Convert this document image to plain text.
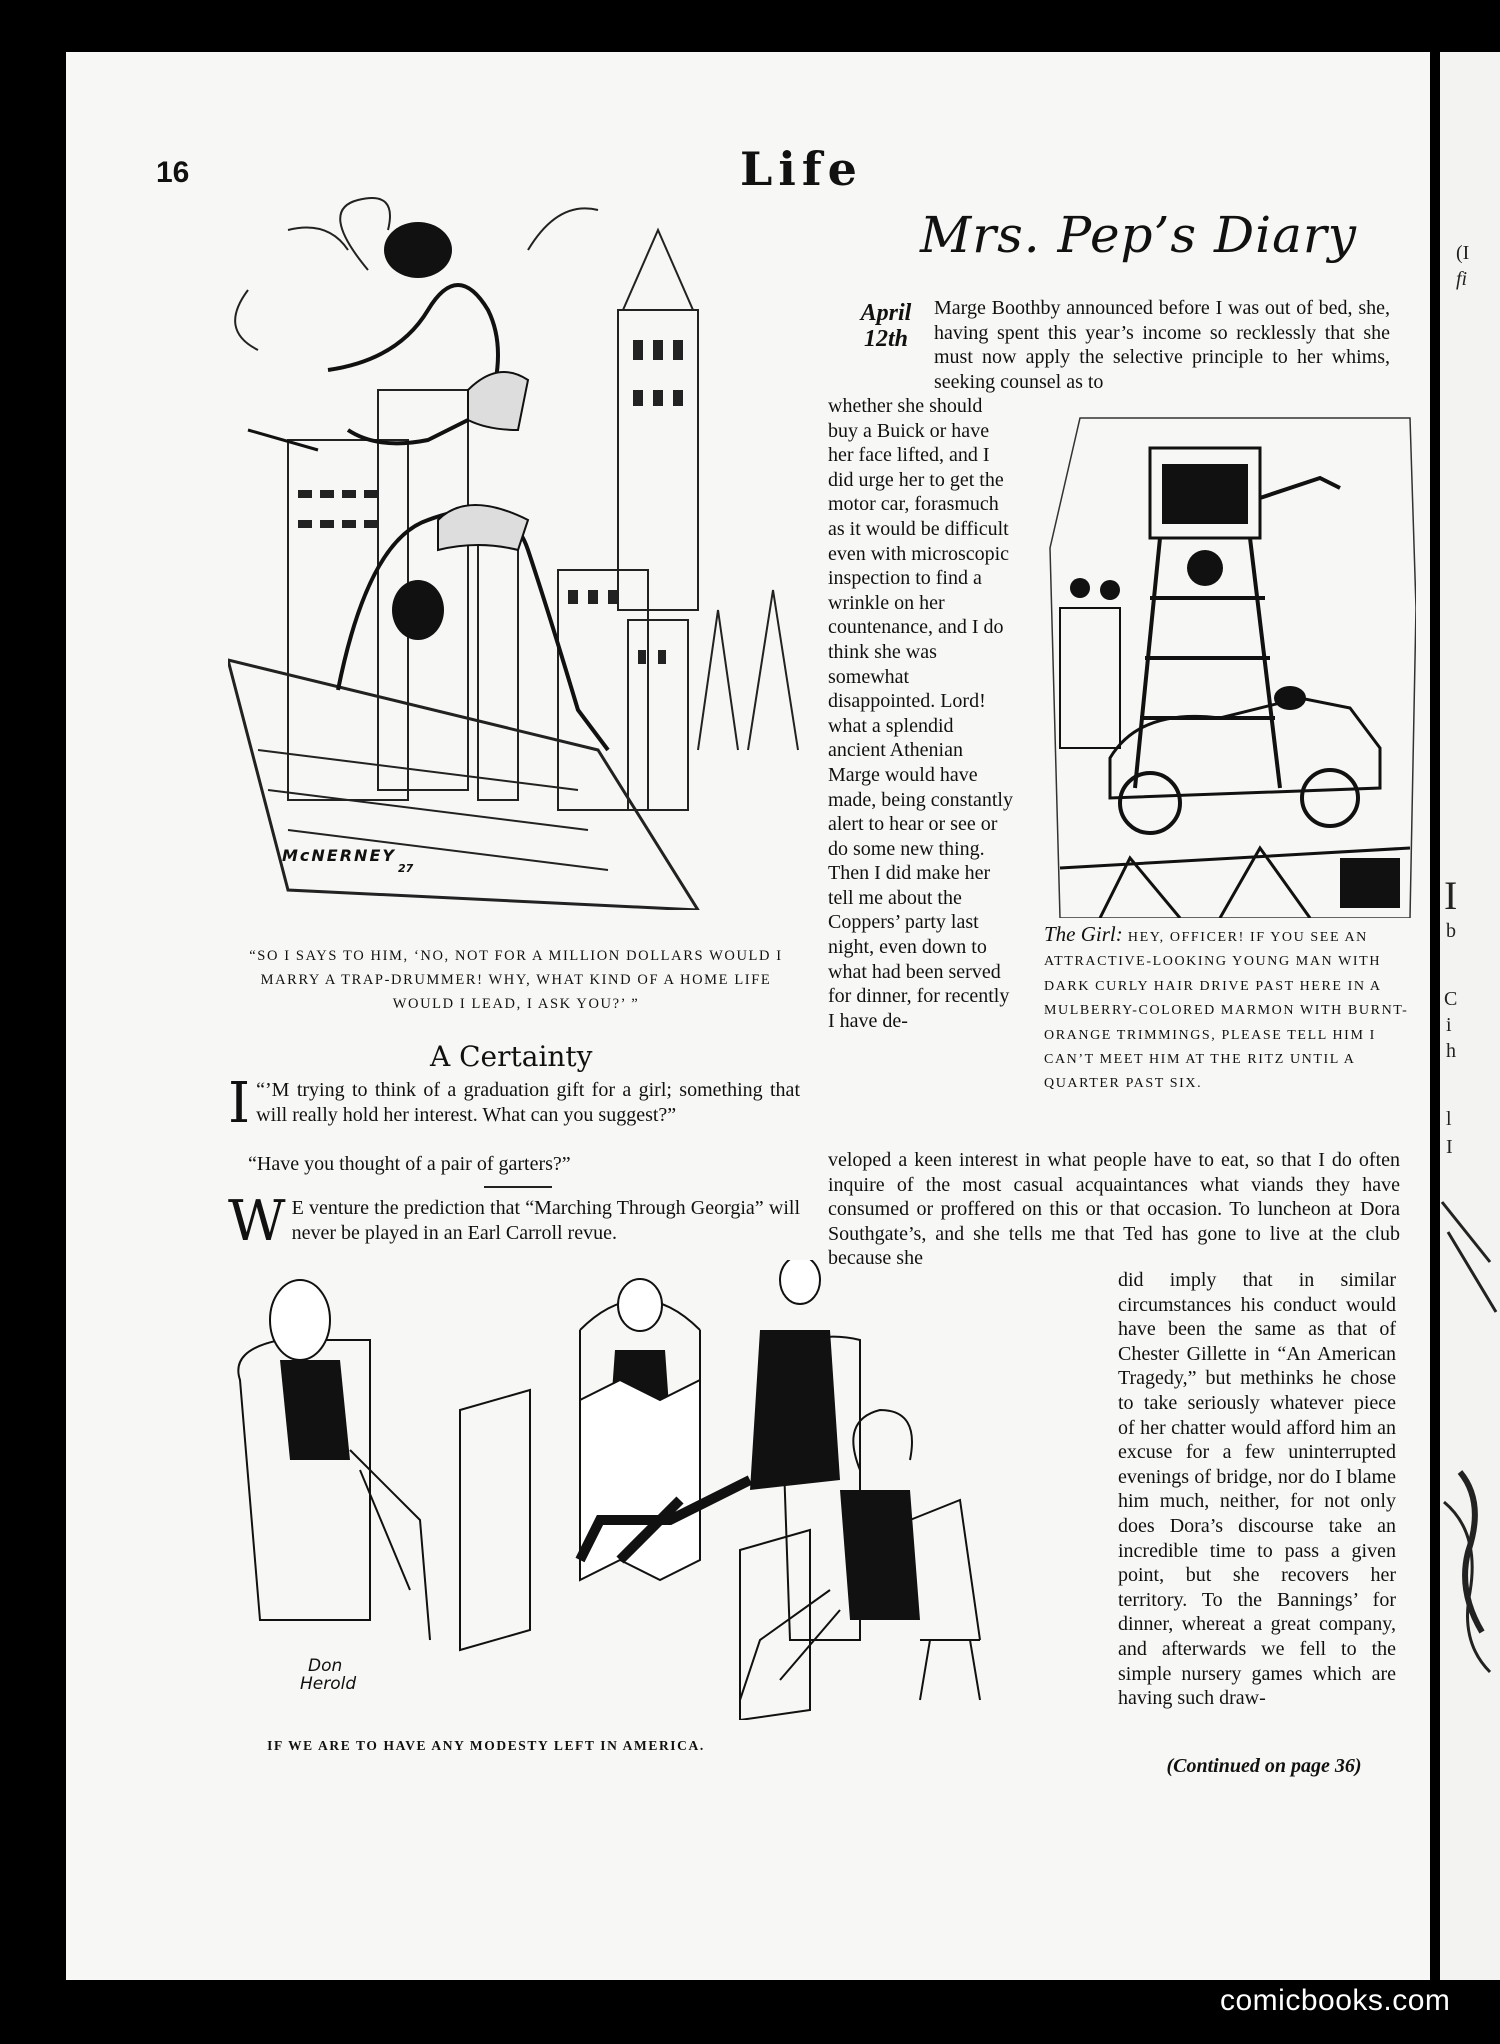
(I
fi
I
b
C
i
h
l
I
16	Life
McNERNEY
27
“SO I SAYS TO HIM, ‘NO, NOT FOR A MILLION DOLLARS WOULD I MARRY A TRAP-DRUMMER! WHY, WHAT KIND OF A HOME LIFE WOULD I LEAD, I ASK YOU?’ ”
A Certainty
“
I ’M trying to think of a graduation gift for a girl; something that will really hold her interest. What can you suggest?”
“Have you thought of a pair of garters?”
W E venture the prediction that “Marching Through Georgia” will never be played in an Earl Carroll revue.
Mrs. Pep’s Diary
April
12th
Marge Boothby announced before I was out of bed, she, having spent this year’s income so recklessly that she must now apply the selective principle to her whims, seeking counsel as to
whether she should buy a Buick or have her face lifted, and I did urge her to get the motor car, forasmuch as it would be difficult even with microscopic inspection to find a wrinkle on her countenance, and I do think she was somewhat disappointed. Lord! what a splendid ancient Athenian Marge would have made, being constantly alert to hear or see or do some new thing. Then I did make her tell me about the Coppers’ party last night, even down to what had been served for dinner, for recently I have de-
The Girl: HEY, OFFICER! IF YOU SEE AN ATTRACTIVE-LOOKING YOUNG MAN WITH DARK CURLY HAIR DRIVE PAST HERE IN A MULBERRY-COLORED MARMON WITH BURNT-ORANGE TRIMMINGS, PLEASE TELL HIM I CAN’T MEET HIM AT THE RITZ UNTIL A QUARTER PAST SIX.
veloped a keen interest in what people have to eat, so that I do often inquire of the most casual acquaintances what viands they have consumed or proffered on this or that occasion. To luncheon at Dora Southgate’s, and she tells me that Ted has gone to live at the club because she
did imply that in similar circumstances his conduct would have been the same as that of Chester Gillette in “An American Tragedy,” but methinks he chose to take seriously whatever piece of her chatter would afford him an excuse for a few uninterrupted evenings of bridge, nor do I blame him much, neither, for not only does Dora’s discourse take an incredible time to pass a given point, but she recovers her territory. To the Bannings’ for dinner, whereat a great company, and afterwards we fell to the simple nursery games which are having such draw-
(Continued on page 36)
Don
Herold
IF WE ARE TO HAVE ANY MODESTY LEFT IN AMERICA.
comicbooks.com
